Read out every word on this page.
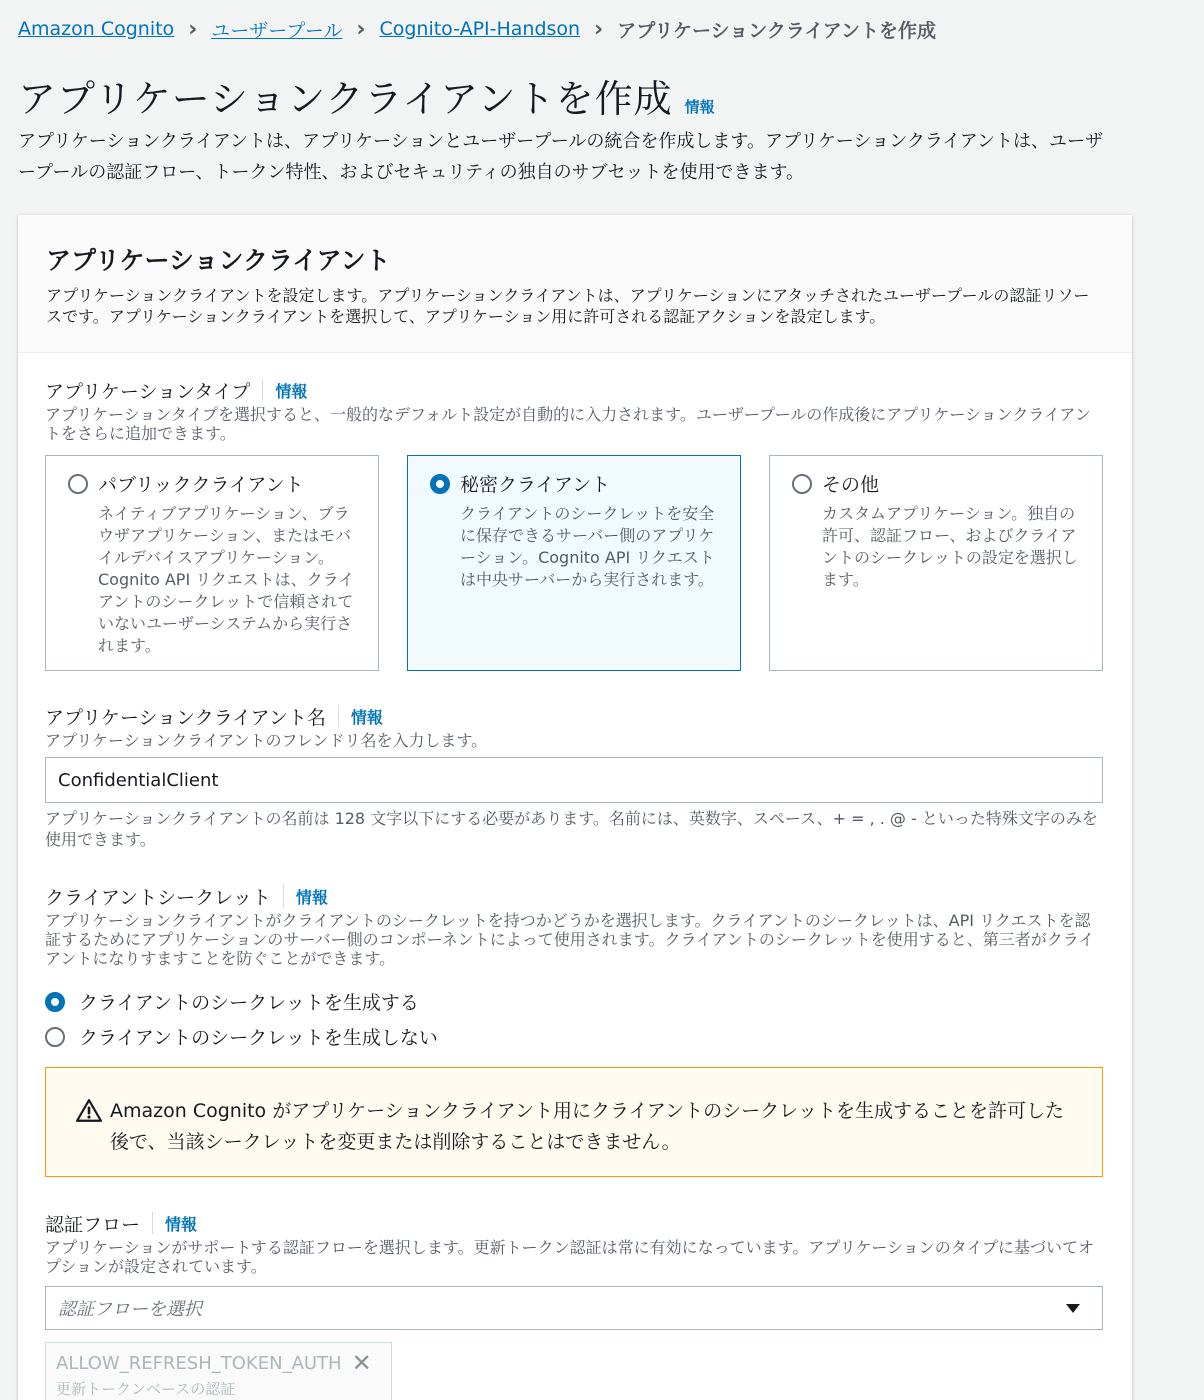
Amazon Cognito › ユーザープール › Cognito-API-Handson › アプリケーションクライアントを作成
アプリケーションクライアントを作成 情報

アプリケーションクライアントは、アプリケーションとユーザープールの統合を作成します。アプリケーションクライアントは、ユーザープールの認証フロー、トークン特性、およびセキュリティの独自のサブセットを使用できます。

アプリケーションクライアント

アプリケーションクライアントを設定します。アプリケーションクライアントは、アプリケーションにアタッチされたユーザープールの認証リソースです。アプリケーションクライアントを選択して、アプリケーション用に許可される認証アクションを設定します。

アプリケーションタイプ 情報

アプリケーションタイプを選択すると、一般的なデフォルト設定が自動的に入力されます。ユーザープールの作成後にアプリケーションクライアントをさらに追加できます。

パブリッククライアント

ネイティブアプリケーション、ブラウザアプリケーション、またはモバイルデバイスアプリケーション。Cognito API リクエストは、クライアントのシークレットで信頼されていないユーザーシステムから実行されます。

秘密クライアント

クライアントのシークレットを安全に保存できるサーバー側のアプリケーション。Cognito API リクエストは中央サーバーから実行されます。

その他

カスタムアプリケーション。独自の許可、認証フロー、およびクライアントのシークレットの設定を選択します。

アプリケーションクライアント名 情報

アプリケーションクライアントのフレンドリ名を入力します。

ConfidentialClient

アプリケーションクライアントの名前は 128 文字以下にする必要があります。名前には、英数字、スペース、+ = , . @ - といった特殊文字のみを使用できます。

クライアントシークレット 情報

アプリケーションクライアントがクライアントのシークレットを持つかどうかを選択します。クライアントのシークレットは、API リクエストを認証するためにアプリケーションのサーバー側のコンポーネントによって使用されます。クライアントのシークレットを使用すると、第三者がクライアントになりすますことを防ぐことができます。

クライアントのシークレットを生成する
クライアントのシークレットを生成しない

Amazon Cognito がアプリケーションクライアント用にクライアントのシークレットを生成することを許可した後で、当該シークレットを変更または削除することはできません。

認証フロー 情報

アプリケーションがサポートする認証フローを選択します。更新トークン認証は常に有効になっています。アプリケーションのタイプに基づいてオプションが設定されています。

認証フローを選択
ALLOW_REFRESH_TOKEN_AUTH ✕
更新トークンベースの認証
